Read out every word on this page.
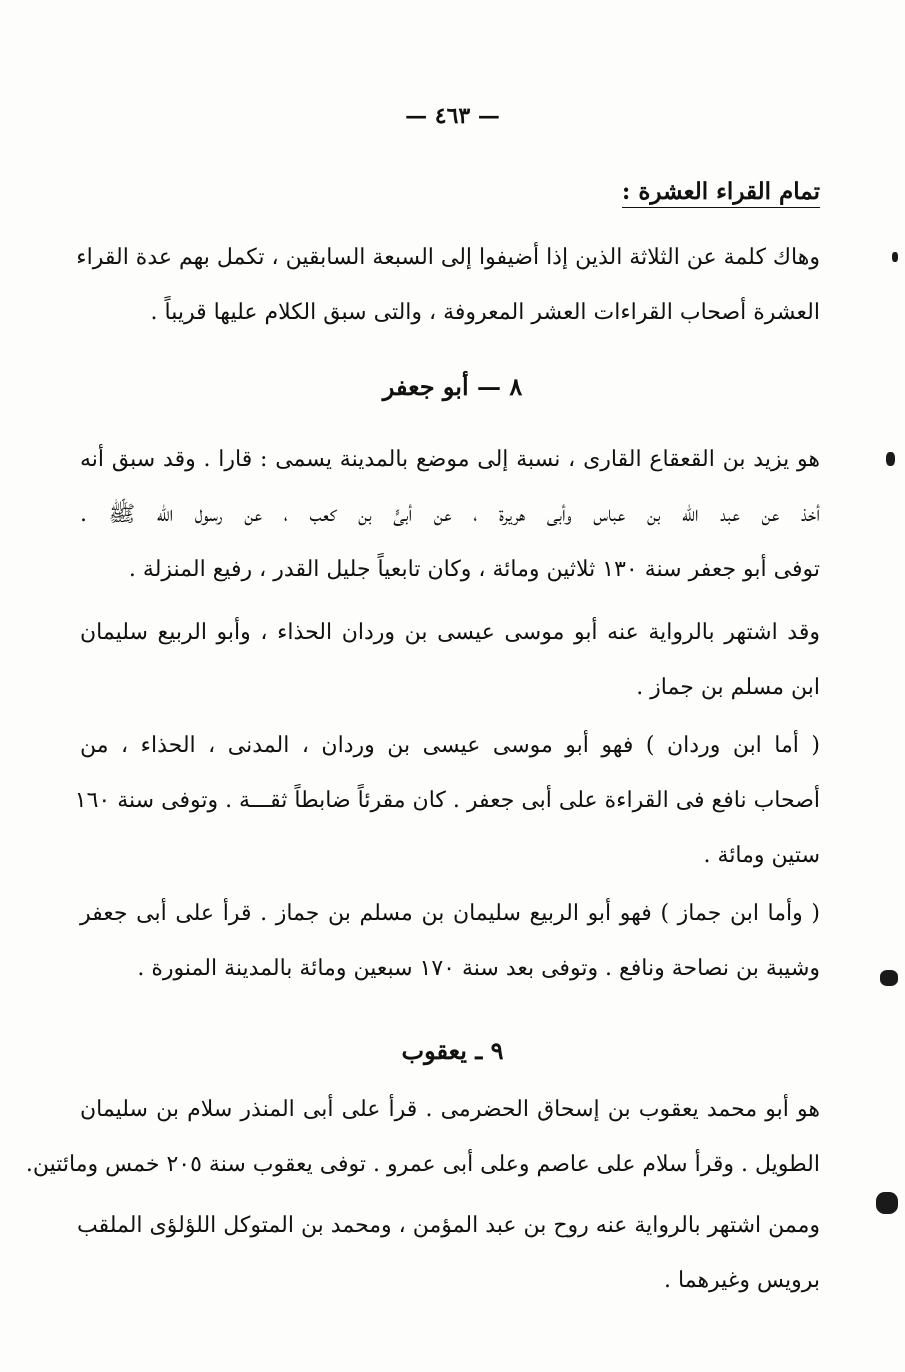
— ٤٦٣ —
تمام القراء العشرة :
وهاك كلمة عن الثلاثة الذين إذا أضيفوا إلى السبعة السابقين ، تكمل بهم عدة القراء
العشرة أصحاب القراءات العشر المعروفة ، والتى سبق الكلام عليها قريباً .
٨ — أبو جعفر
هو يزيد بن القعقاع القارى ، نسبة إلى موضع بالمدينة يسمى : قارا . وقد سبق أنه
أخذ عن عبد الله بن عباس وأبى هريرة ، عن أبىٍّ بن كعب ، عن رسول الله ﷺ .
توفى أبو جعفر سنة ١٣٠ ثلاثين ومائة ، وكان تابعياً جليل القدر ، رفيع المنزلة .
وقد اشتهر بالرواية عنه أبو موسى عيسى بن وردان الحذاء ، وأبو الربيع سليمان
ابن مسلم بن جماز .
( أما ابن وردان ) فهو أبو موسى عيسى بن وردان ، المدنى ، الحذاء ، من
أصحاب نافع فى القراءة على أبى جعفر . كان مقرئاً ضابطاً ثقـــة . وتوفى سنة ١٦٠
ستين ومائة .
( وأما ابن جماز ) فهو أبو الربيع سليمان بن مسلم بن جماز . قرأ على أبى جعفر
وشيبة بن نصاحة ونافع . وتوفى بعد سنة ١٧٠ سبعين ومائة بالمدينة المنورة .
٩ ـ يعقوب
هو أبو محمد يعقوب بن إسحاق الحضرمى . قرأ على أبى المنذر سلام بن سليمان
الطويل . وقرأ سلام على عاصم وعلى أبى عمرو . توفى يعقوب سنة ٢٠٥ خمس ومائتين.
وممن اشتهر بالرواية عنه روح بن عبد المؤمن ، ومحمد بن المتوكل اللؤلؤى الملقب
برويس وغيرهما .
